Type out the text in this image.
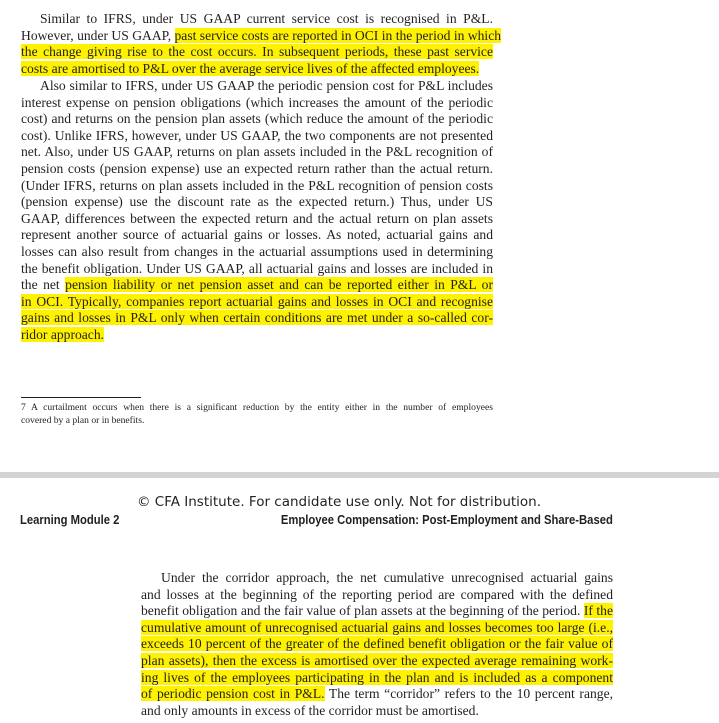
Similar to IFRS, under US GAAP current service cost is recognised in P&L.
However, under US GAAP, past service costs are reported in OCI in the period in which
the change giving rise to the cost occurs. In subsequent periods, these past service
costs are amortised to P&L over the average service lives of the affected employees.
Also similar to IFRS, under US GAAP the periodic pension cost for P&L includes
interest expense on pension obligations (which increases the amount of the periodic
cost) and returns on the pension plan assets (which reduce the amount of the periodic
cost). Unlike IFRS, however, under US GAAP, the two components are not presented
net. Also, under US GAAP, returns on plan assets included in the P&L recognition of
pension costs (pension expense) use an expected return rather than the actual return.
(Under IFRS, returns on plan assets included in the P&L recognition of pension costs
(pension expense) use the discount rate as the expected return.) Thus, under US
GAAP, differences between the expected return and the actual return on plan assets
represent another source of actuarial gains or losses. As noted, actuarial gains and
losses can also result from changes in the actuarial assumptions used in determining
the benefit obligation. Under US GAAP, all actuarial gains and losses are included in
the net pension liability or net pension asset and can be reported either in P&L or
in OCI. Typically, companies report actuarial gains and losses in OCI and recognise
gains and losses in P&L only when certain conditions are met under a so-called cor-
ridor approach.
7 A curtailment occurs when there is a significant reduction by the entity either in the number of employees
covered by a plan or in benefits.
© CFA Institute. For candidate use only. Not for distribution.
Learning Module 2	Employee Compensation: Post-Employment and Share-Based
Under the corridor approach, the net cumulative unrecognised actuarial gains
and losses at the beginning of the reporting period are compared with the defined
benefit obligation and the fair value of plan assets at the beginning of the period. If the
cumulative amount of unrecognised actuarial gains and losses becomes too large (i.e.,
exceeds 10 percent of the greater of the defined benefit obligation or the fair value of
plan assets), then the excess is amortised over the expected average remaining work-
ing lives of the employees participating in the plan and is included as a component
of periodic pension cost in P&L. The term “corridor” refers to the 10 percent range,
and only amounts in excess of the corridor must be amortised.
